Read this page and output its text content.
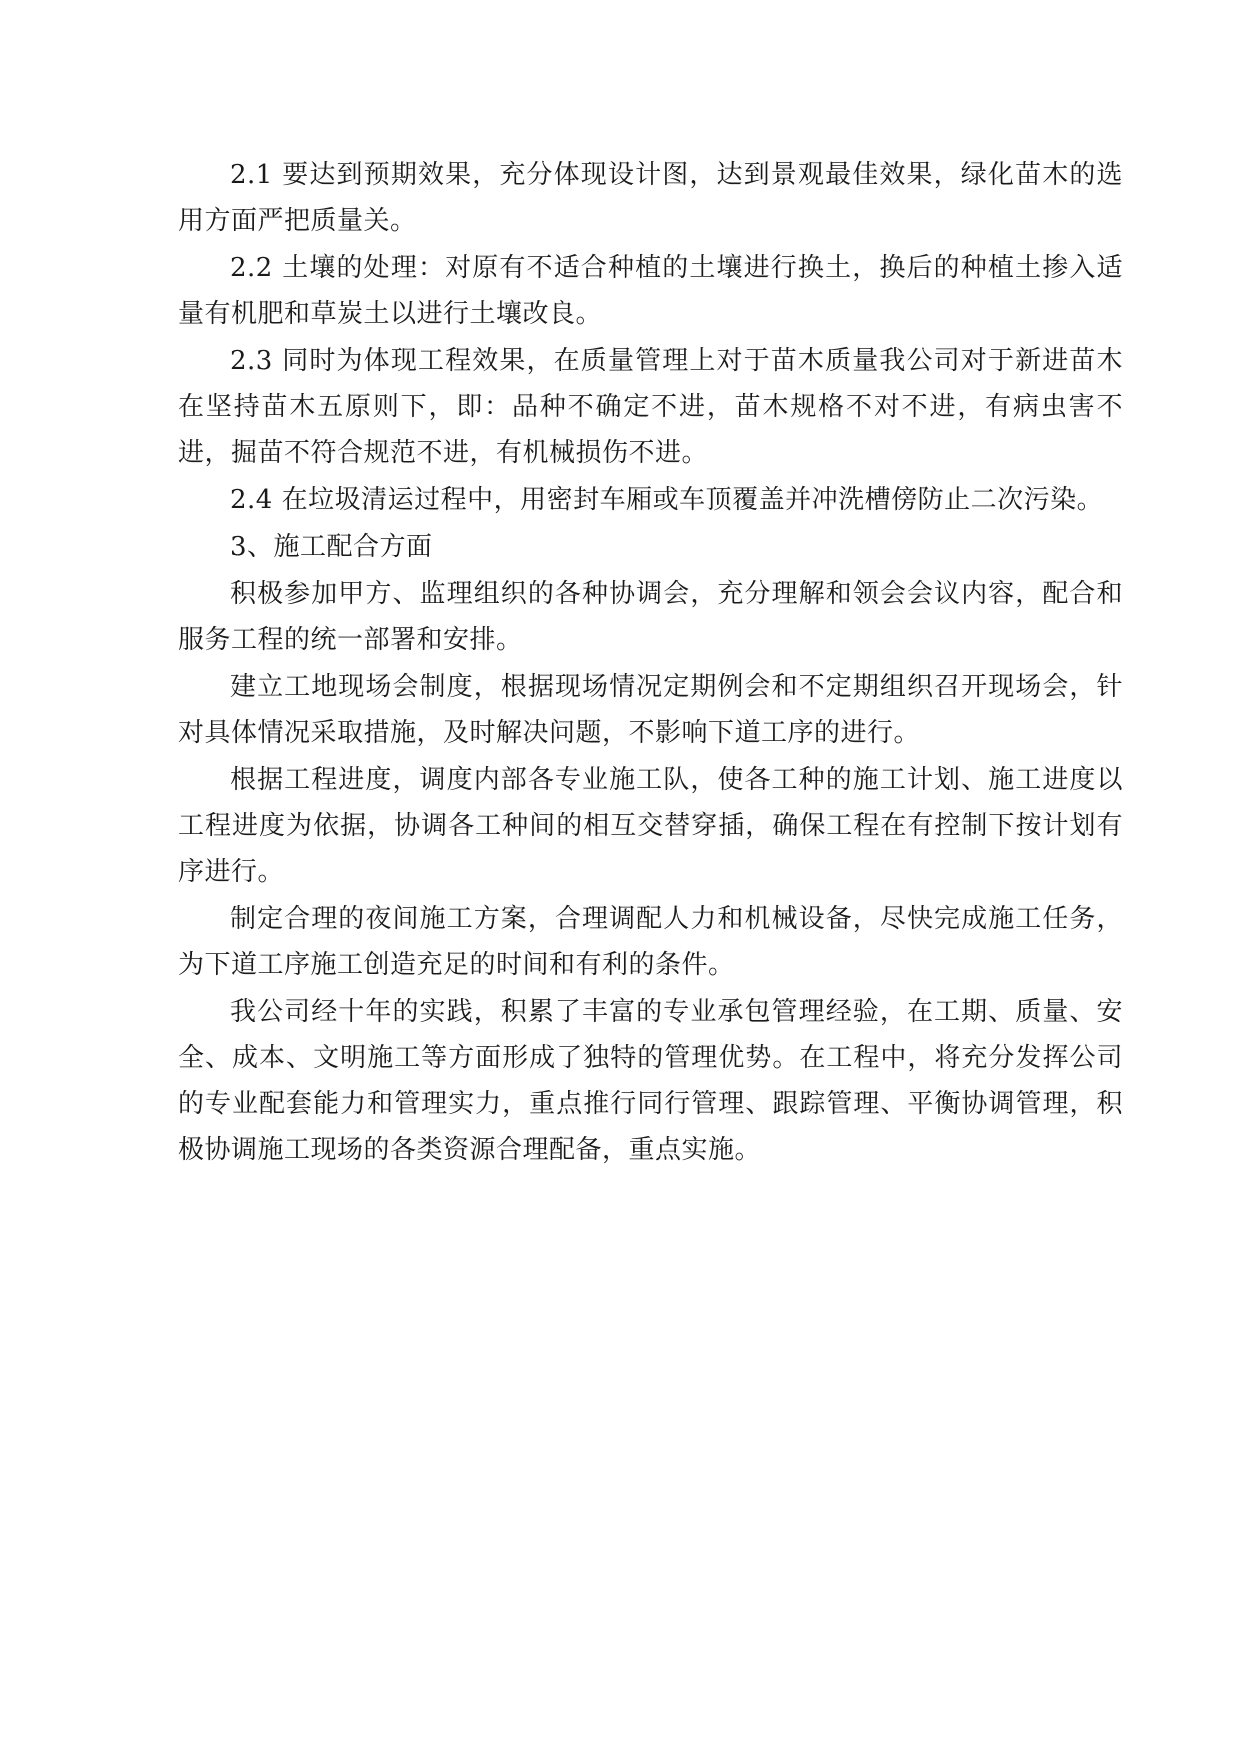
2.1 要达到预期效果，充分体现设计图，达到景观最佳效果，绿化苗木的选用方面严把质量关。

2.2 土壤的处理：对原有不适合种植的土壤进行换土，换后的种植土掺入适量有机肥和草炭土以进行土壤改良。

2.3 同时为体现工程效果，在质量管理上对于苗木质量我公司对于新进苗木在坚持苗木五原则下，即：品种不确定不进，苗木规格不对不进，有病虫害不进，掘苗不符合规范不进，有机械损伤不进。

2.4 在垃圾清运过程中，用密封车厢或车顶覆盖并冲洗槽傍防止二次污染。

3、施工配合方面

积极参加甲方、监理组织的各种协调会，充分理解和领会会议内容，配合和服务工程的统一部署和安排。

建立工地现场会制度，根据现场情况定期例会和不定期组织召开现场会，针对具体情况采取措施，及时解决问题，不影响下道工序的进行。

根据工程进度，调度内部各专业施工队，使各工种的施工计划、施工进度以工程进度为依据，协调各工种间的相互交替穿插，确保工程在有控制下按计划有序进行。

制定合理的夜间施工方案，合理调配人力和机械设备，尽快完成施工任务，为下道工序施工创造充足的时间和有利的条件。

我公司经十年的实践，积累了丰富的专业承包管理经验，在工期、质量、安全、成本、文明施工等方面形成了独特的管理优势。在工程中，将充分发挥公司的专业配套能力和管理实力，重点推行同行管理、跟踪管理、平衡协调管理，积极协调施工现场的各类资源合理配备，重点实施。
